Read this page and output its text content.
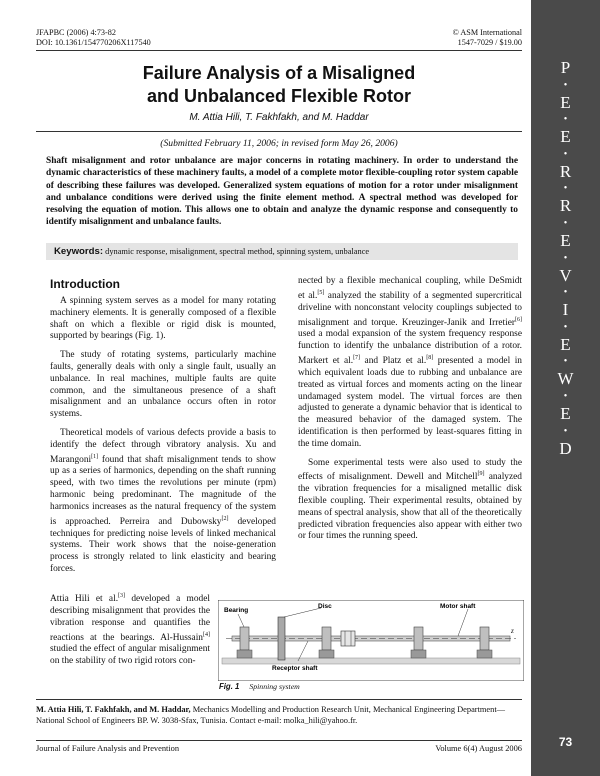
P
•
E
•
E
•
R
•
R
•
E
•
V
•
I
•
E
•
W
•
E
•
D
73
JFAPBC (2006) 4:73-82
DOI: 10.1361/154770206X117540
© ASM International
1547-7029 / $19.00
Failure Analysis of a Misaligned
and Unbalanced Flexible Rotor
M. Attia Hili, T. Fakhfakh, and M. Haddar
(Submitted February 11, 2006; in revised form May 26, 2006)
Shaft misalignment and rotor unbalance are major concerns in rotating machinery. In order to understand the dynamic characteristics of these machinery faults, a model of a complete motor flexible-coupling rotor system capable of describing these failures was developed. Generalized system equations of motion for a rotor under misalignment and unbalance conditions were derived using the finite element method. A spectral method was developed for resolving the equation of motion. This allows one to obtain and analyze the dynamic response and consequently to identify misalignment and unbalance faults.
Keywords: dynamic response, misalignment, spectral method, spinning system, unbalance
Introduction

A spinning system serves as a model for many rotating machinery elements. It is generally composed of a flexible shaft on which a flexible or rigid disk is mounted, supported by bearings (Fig. 1).

The study of rotating systems, particularly machine faults, generally deals with only a single fault, usually an unbalance. In real machines, multiple faults are quite common, and the simultaneous presence of a shaft misalignment and an unbalance occurs often in rotor systems.

Theoretical models of various defects provide a basis to identify the defect through vibratory analysis. Xu and Marangoni[1] found that shaft misalignment tends to show up as a series of harmonics, depending on the shaft running speed, with two times the revolutions per minute (rpm) harmonic being predominant. The magnitude of the harmonics increases as the natural frequency of the system is approached. Perreira and Dubowsky[2] developed techniques for predicting noise levels of linked mechanical systems. Their work shows that the noise-generation process is strongly related to link elasticity and bearing forces.

Attia Hili et al.[3] developed a model describing misalignment that provides the vibration response and quantifies the reactions at the bearings. Al-Hussain[4] studied the effect of angular misalignment on the stability of two rigid rotors con-

nected by a flexible mechanical coupling, while DeSmidt et al.[5] analyzed the stability of a segmented supercritical driveline with nonconstant velocity couplings subjected to misalignment and torque. Kreuzinger-Janik and Irretier[6] used a modal expansion of the system frequency response function to identify the unbalance distribution of a rotor. Markert et al.[7] and Platz et al.[8] presented a model in which equivalent loads due to rubbing and unbalance are treated as virtual forces and moments acting on the linear undamaged system model. The virtual forces are then adjusted to generate a dynamic behavior that is identical to the measured behavior of the damaged system. The identification is then performed by least-squares fitting in the time domain.

Some experimental tests were also used to study the effects of misalignment. Dewell and Mitchell[9] analyzed the vibration frequencies for a misaligned metallic disk flexible coupling. Their experimental results, obtained by means of spectral analysis, show that all of the theoretically predicted vibration frequencies also appear with either two or four times the running speed.

Bearing
Disc	Motor shaft
Receptor shaft
z
Fig. 1 Spinning system
M. Attia Hili, T. Fakhfakh, and M. Haddar, Mechanics Modelling and Production Research Unit, Mechanical Engineering Department—National School of Engineers BP. W. 3038-Sfax, Tunisia. Contact e-mail: molka_hili@yahoo.fr.
Journal of Failure Analysis and Prevention	Volume 6(4) August 2006
